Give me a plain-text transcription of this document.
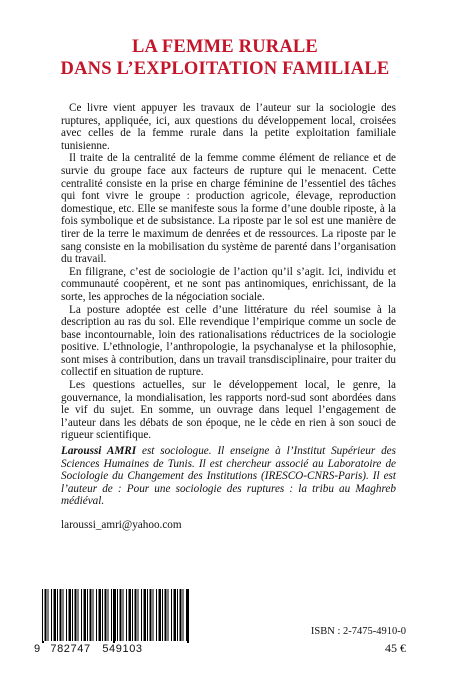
LA FEMME RURALE
DANS L’EXPLOITATION FAMILIALE

Ce livre vient appuyer les travaux de l’auteur sur la sociologie des ruptures, appliquée, ici, aux questions du développement local, croisées avec celles de la femme rurale dans la petite exploitation familiale tunisienne.

Il traite de la centralité de la femme comme élément de reliance et de survie du groupe face aux facteurs de rupture qui le menacent. Cette centralité consiste en la prise en charge féminine de l’essentiel des tâches qui font vivre le groupe : production agricole, élevage, reproduction domestique, etc. Elle se manifeste sous la forme d’une double riposte, à la fois symbolique et de subsistance. La riposte par le sol est une manière de tirer de la terre le maximum de denrées et de ressources. La riposte par le sang consiste en la mobilisation du système de parenté dans l’organisation du travail.

En filigrane, c’est de sociologie de l’action qu’il s’agit. Ici, individu et communauté coopèrent, et ne sont pas antinomiques, enrichissant, de la sorte, les approches de la négociation sociale.

La posture adoptée est celle d’une littérature du réel soumise à la description au ras du sol. Elle revendique l’empirique comme un socle de base incontournable, loin des rationalisations réductrices de la sociologie positive. L’ethnologie, l’anthropologie, la psychanalyse et la philosophie, sont mises à contribution, dans un travail transdisciplinaire, pour traiter du collectif en situation de rupture.

Les questions actuelles, sur le développement local, le genre, la gouvernance, la mondialisation, les rapports nord-sud sont abordées dans le vif du sujet. En somme, un ouvrage dans lequel l’engagement de l’auteur dans les débats de son époque, ne le cède en rien à son souci de rigueur scientifique.

Laroussi AMRI est sociologue. Il enseigne à l’Institut Supérieur des Sciences Humaines de Tunis. Il est chercheur associé au Laboratoire de Sociologie du Changement des Institutions (IRESCO-CNRS-Paris). Il est l’auteur de : Pour une sociologie des ruptures : la tribu au Maghreb médiéval.
laroussi_amri@yahoo.com
9 782747 549103
ISBN : 2-7475-4910-0
45 €
